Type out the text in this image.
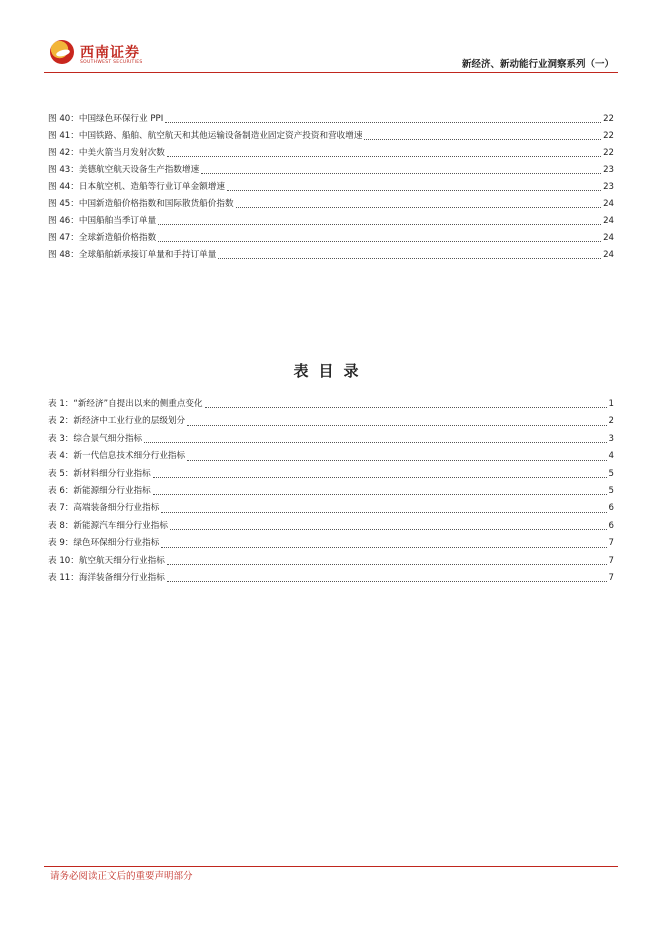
西南证券
SOUTHWEST SECURITIES	新经济、新动能行业洞察系列（一）
图 40：中国绿色环保行业 PPI	22
图 41：中国铁路、船舶、航空航天和其他运输设备制造业固定资产投资和营收增速	22
图 42：中美火箭当月发射次数	22
图 43：美德航空航天设备生产指数增速	23
图 44：日本航空机、造船等行业订单金额增速	23
图 45：中国新造船价格指数和国际散货船价指数	24
图 46：中国船舶当季订单量	24
图 47：全球新造船价格指数	24
图 48：全球船舶新承接订单量和手持订单量	24
表目录
表 1：“新经济”自提出以来的侧重点变化	1
表 2：新经济中工业行业的层级划分	2
表 3：综合景气细分指标	3
表 4：新一代信息技术细分行业指标	4
表 5：新材料细分行业指标	5
表 6：新能源细分行业指标	5
表 7：高端装备细分行业指标	6
表 8：新能源汽车细分行业指标	6
表 9：绿色环保细分行业指标	7
表 10：航空航天细分行业指标	7
表 11：海洋装备细分行业指标	7
请务必阅读正文后的重要声明部分
